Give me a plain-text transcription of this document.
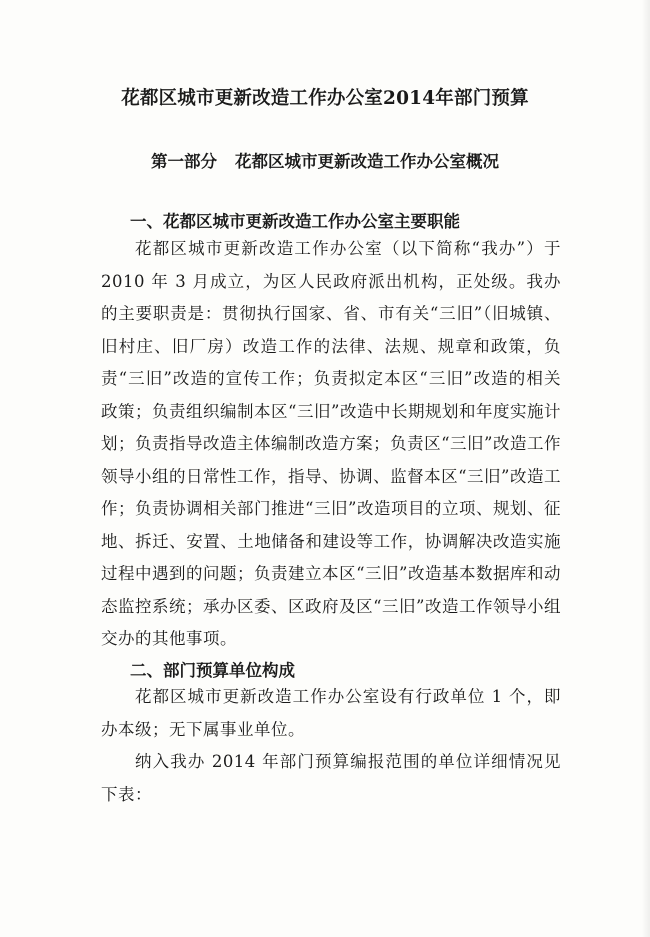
花都区城市更新改造工作办公室2014年部门预算
第一部分 花都区城市更新改造工作办公室概况
一、花都区城市更新改造工作办公室主要职能

花都区城市更新改造工作办公室（以下简称“我办”）于 2010 年 3 月成立，为区人民政府派出机构，正处级。我办的主要职责是：贯彻执行国家、省、市有关“三旧”（旧城镇、旧村庄、旧厂房）改造工作的法律、法规、规章和政策，负责“三旧”改造的宣传工作；负责拟定本区“三旧”改造的相关政策；负责组织编制本区“三旧”改造中长期规划和年度实施计划；负责指导改造主体编制改造方案；负责区“三旧”改造工作领导小组的日常性工作，指导、协调、监督本区“三旧”改造工作；负责协调相关部门推进“三旧”改造项目的立项、规划、征地、拆迁、安置、土地储备和建设等工作，协调解决改造实施过程中遇到的问题；负责建立本区“三旧”改造基本数据库和动态监控系统；承办区委、区政府及区“三旧”改造工作领导小组交办的其他事项。

二、部门预算单位构成

花都区城市更新改造工作办公室设有行政单位 1 个，即办本级；无下属事业单位。

纳入我办 2014 年部门预算编报范围的单位详细情况见下表：
